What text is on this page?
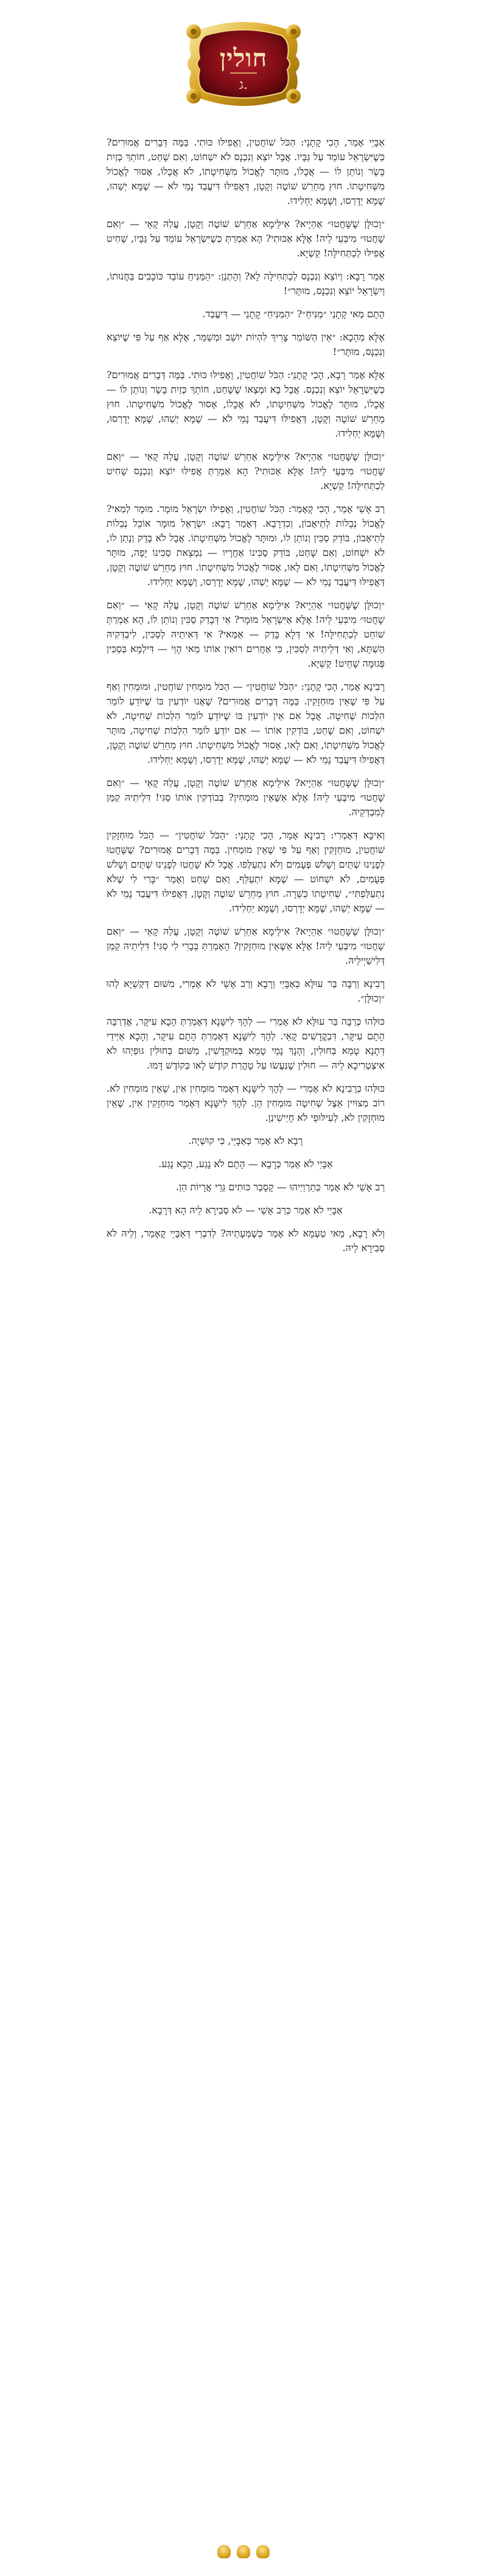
חולין
ג.

אַבָּיֵי אָמַר, הָכִי קָתָנֵי: הַכֹּל שׁוֹחֲטִין, וַאֲפִילּוּ כּוּתִי. בַּמֶּה דְּבָרִים אֲמוּרִים? כְּשֶׁיִּשְׂרָאֵל עוֹמֵד עַל גַּבָּיו. אֲבָל יוֹצֵא וְנִכְנָס לֹא יִשְׁחוֹט, וְאִם שָׁחַט, חוֹתֵךְ כְּזַיִת בָּשָׂר וְנוֹתֵן לוֹ — אֲכָלוֹ, מוּתָּר לֶאֱכוֹל מִשְּׁחִיטָתוֹ, לֹא אֲכָלוֹ, אָסוּר לֶאֱכוֹל מִשְּׁחִיטָתוֹ. חוּץ מֵחֵרֵשׁ שׁוֹטֶה וְקָטָן, דַּאֲפִילּוּ דִּיעֲבַד נָמֵי לֹא — שֶׁמָּא יְשַׁהוּ, שֶׁמָּא יְדָרְסוּ, וְשֶׁמָּא יַחְלִידוּ.

״וְכוּלָּן שֶׁשָּׁחֲטוּ״ אַהֵיָיא? אִילֵּימָא אַחֵרֵשׁ שׁוֹטֶה וְקָטָן, עֲלַהּ קָאֵי — ״וְאִם שָׁחֲטוּ״ מִיבְּעֵי לֵיהּ! אֶלָּא אַכּוּתִי? הָא אַמְרַתְּ כְּשֶׁיִּשְׂרָאֵל עוֹמֵד עַל גַּבָּיו, שָׁחִיט אֲפִילּוּ לְכַתְּחִילָּה! קַשְׁיָא.

אָמַר רָבָא: וְיוֹצֵא וְנִכְנָס לְכַתְּחִילָּה לָא? וְהָתְנַן: ״הַמַּנִּיחַ עוֹבֵד כּוֹכָבִים בַּחֲנוּתוֹ, וְיִשְׂרָאֵל יוֹצֵא וְנִכְנָס, מוּתָּר״!

הָתָם מַאי קָתָנֵי ״מַנִּיחַ״? ״הַמַּנִּיחַ״ קָתָנֵי — דִּיעֲבַד.

אֶלָּא מֵהָכָא: ״אֵין הַשּׁוֹמֵר צָרִיךְ לִהְיוֹת יוֹשֵׁב וּמְשַׁמֵּר, אֶלָּא אַף עַל פִּי שֶׁיּוֹצֵא וְנִכְנָס, מוּתָּר״!

אֶלָּא אָמַר רָבָא, הָכִי קָתָנֵי: הַכֹּל שׁוֹחֲטִין, וַאֲפִילּוּ כּוּתִי. בַּמֶּה דְּבָרִים אֲמוּרִים? כְּשֶׁיִּשְׂרָאֵל יוֹצֵא וְנִכְנָס. אֲבָל בָּא וּמְצָאוֹ שֶׁשָּׁחַט, חוֹתֵךְ כְּזַיִת בָּשָׂר וְנוֹתֵן לוֹ — אֲכָלוֹ, מוּתָּר לֶאֱכוֹל מִשְּׁחִיטָתוֹ, לֹא אֲכָלוֹ, אָסוּר לֶאֱכוֹל מִשְּׁחִיטָתוֹ. חוּץ מֵחֵרֵשׁ שׁוֹטֶה וְקָטָן, דַּאֲפִילּוּ דִּיעֲבַד נָמֵי לֹא — שֶׁמָּא יְשַׁהוּ, שֶׁמָּא יְדָרְסוּ, וְשֶׁמָּא יַחְלִידוּ.

״וְכוּלָּן שֶׁשָּׁחֲטוּ״ אַהֵיָיא? אִילֵּימָא אַחֵרֵשׁ שׁוֹטֶה וְקָטָן, עֲלַהּ קָאֵי — ״וְאִם שָׁחֲטוּ״ מִיבְּעֵי לֵיהּ! אֶלָּא אַכּוּתִי? הָא אַמְרַתְּ אֲפִילּוּ יוֹצֵא וְנִכְנָס שָׁחִיט לְכַתְּחִילָּה! קַשְׁיָא.

רַב אָשֵׁי אָמַר, הָכִי קָאָמַר: הַכֹּל שׁוֹחֲטִין, וַאֲפִילּוּ יִשְׂרָאֵל מוּמָר. מוּמָר לְמַאי? לֶאֱכוֹל נְבֵלוֹת לְתֵיאָבוֹן, וְכִדְרָבָא. דְּאָמַר רָבָא: יִשְׂרָאֵל מוּמָר אוֹכֵל נְבֵלוֹת לְתֵיאָבוֹן, בּוֹדֵק סַכִּין וְנוֹתֵן לוֹ, וּמוּתָּר לֶאֱכוֹל מִשְּׁחִיטָתוֹ. אֲבָל לֹא בָּדַק וְנָתַן לוֹ, לֹא יִשְׁחוֹט, וְאִם שָׁחַט, בּוֹדֵק סַכִּינוֹ אַחֲרָיו — נִמְצֵאת סַכִּינוֹ יָפָה, מוּתָּר לֶאֱכוֹל מִשְּׁחִיטָתוֹ, וְאִם לָאו, אָסוּר לֶאֱכוֹל מִשְּׁחִיטָתוֹ. חוּץ מֵחֵרֵשׁ שׁוֹטֶה וְקָטָן, דַּאֲפִילּוּ דִּיעֲבַד נָמֵי לֹא — שֶׁמָּא יְשַׁהוּ, שֶׁמָּא יְדָרְסוּ, וְשֶׁמָּא יַחְלִידוּ.

״וְכוּלָּן שֶׁשָּׁחֲטוּ״ אַהֵיָיא? אִילֵּימָא אַחֵרֵשׁ שׁוֹטֶה וְקָטָן, עֲלַהּ קָאֵי — ״וְאִם שָׁחֲטוּ״ מִיבְּעֵי לֵיהּ! אֶלָּא אַיִּשְׂרָאֵל מוּמָר? אִי דְּבָדַק סַכִּין וְנוֹתֵן לוֹ, הָא אַמְרַתְּ שׁוֹחֵט לְכַתְּחִילָּה! אִי דְּלָא בָּדַק — אַמַּאי? אִי דְּאִיתֵיהּ לְסַכִּין, לִיבְדְּקִיהּ הַשְׁתָּא, וְאִי דְּלֵיתֵיהּ לְסַכִּין, כִּי אַחֲרִים רוֹאִין אוֹתוֹ מַאי הָוֵי — דִּילְמָא בְּסַכִּין פְּגוּמָה שָׁחֵיט! קַשְׁיָא.

רָבִינָא אָמַר, הָכִי קָתָנֵי: ״הַכֹּל שׁוֹחֲטִין״ — הַכֹּל מוּמְחִין שׁוֹחֲטִין, וּמוּמְחִין וְאַף עַל פִּי שֶׁאֵין מוּחְזָקִין. בַּמֶּה דְּבָרִים אֲמוּרִים? שֶׁאָנוּ יוֹדְעִין בּוֹ שֶׁיּוֹדֵעַ לוֹמַר הִלְכוֹת שְׁחִיטָה. אֲבָל אִם אֵין יוֹדְעִין בּוֹ שֶׁיּוֹדֵעַ לוֹמַר הִלְכוֹת שְׁחִיטָה, לֹא יִשְׁחוֹט, וְאִם שָׁחַט, בּוֹדְקִין אוֹתוֹ — אִם יוֹדֵעַ לוֹמַר הִלְכוֹת שְׁחִיטָה, מוּתָּר לֶאֱכוֹל מִשְּׁחִיטָתוֹ, וְאִם לָאו, אָסוּר לֶאֱכוֹל מִשְּׁחִיטָתוֹ. חוּץ מֵחֵרֵשׁ שׁוֹטֶה וְקָטָן, דַּאֲפִילּוּ דִּיעֲבַד נָמֵי לֹא — שֶׁמָּא יְשַׁהוּ, שֶׁמָּא יְדָרְסוּ, וְשֶׁמָּא יַחְלִידוּ.

״וְכוּלָּן שֶׁשָּׁחֲטוּ״ אַהֵיָיא? אִילֵּימָא אַחֵרֵשׁ שׁוֹטֶה וְקָטָן, עֲלַהּ קָאֵי — ״וְאִם שָׁחֲטוּ״ מִיבְּעֵי לֵיהּ! אֶלָּא אַשֶּׁאֵין מוּמְחִין? בְּבוֹדְקִין אוֹתוֹ סַגִּי! דִּלְיתֵיהּ קַמַּן לְמִבְדְּקֵיהּ.

וְאִיכָּא דְּאָמְרִי: רָבִינָא אָמַר, הָכִי קָתָנֵי: ״הַכֹּל שׁוֹחֲטִין״ — הַכֹּל מוּחְזָקִין שׁוֹחֲטִין, מוּחְזָקִין וְאַף עַל פִּי שֶׁאֵין מוּמְחִין. בַּמֶּה דְּבָרִים אֲמוּרִים? שֶׁשָּׁחֲטוּ לְפָנֵינוּ שְׁתַּיִם וְשָׁלֹשׁ פְּעָמִים וְלֹא נִתְעַלְּפוּ. אֲבָל לֹא שָׁחֲטוּ לְפָנֵינוּ שְׁתַּיִם וְשָׁלֹשׁ פְּעָמִים, לֹא יִשְׁחוֹט — שֶׁמָּא יִתְעַלֵּף, וְאִם שָׁחַט וְאָמַר ״בָּרִי לִי שֶׁלֹּא נִתְעַלַּפְתִּי״, שְׁחִיטָתוֹ כְּשֵׁרָה. חוּץ מֵחֵרֵשׁ שׁוֹטֶה וְקָטָן, דַּאֲפִילּוּ דִּיעֲבַד נָמֵי לֹא — שֶׁמָּא יְשַׁהוּ, שֶׁמָּא יְדָרְסוּ, וְשֶׁמָּא יַחְלִידוּ.

״וְכוּלָּן שֶׁשָּׁחֲטוּ״ אַהֵיָיא? אִילֵּימָא אַחֵרֵשׁ שׁוֹטֶה וְקָטָן, עֲלַהּ קָאֵי — ״וְאִם שָׁחֲטוּ״ מִיבְּעֵי לֵיהּ! אֶלָּא אַשֶּׁאֵין מוּחְזָקִין? הָאָמְרַתְּ בְּבָרִי לִי סַגִּי! דִּלְיתֵיהּ קַמַּן דְּלִישַׁיְילֵיהּ.

רָבִינָא וְרַבָּה בַּר עוּלָּא כְּאַבָּיֵי וְרָבָא וְרַב אָשֵׁי לֹא אָמְרִי, מִשּׁוּם דְּקַשְׁיָא לְהוּ ״וְכוּלָּן״.

כּוּלְּהוּ כְּרַבָּה בַּר עוּלָּא לֹא אָמְרִי — לְהָךְ לִישָּׁנָא דְּאָמְרַתְּ הָכָא עִיקָּר, אֲדְרַבָּה הָתָם עִיקָּר, דִּבְקֳדָשִׁים קָאֵי. לְהָךְ לִישָּׁנָא דְּאָמְרַתְּ הָתָם עִיקָּר, וְהָכָא אַיְּידֵי דְּתָנָא טָמֵא בְּחוּלִין, וְהָנָךְ נָמֵי טָמֵא בְּמוּקְדָּשִׁין, מִשּׁוּם בְּחוּלִין גּוּפַיְהוּ לֹא אִיצְטְרִיכָא לֵיהּ — חוּלִין שֶׁנַּעֲשׂוּ עַל טָהֳרַת קוֹדֶשׁ לָאו כְּקוֹדֶשׁ דָּמוּ.

כּוּלְּהוּ כְּרָבִינָא לֹא אָמְרִי — לְהָךְ לִישָּׁנָא דְּאָמַר מוּמְחִין אִין, שֶׁאֵין מוּמְחִין לֹא. רוֹב מְצוּיִין אֵצֶל שְׁחִיטָה מוּמְחִין הֵן. לְהָךְ לִישָּׁנָא דְּאָמַר מוּחְזָקִין אִין, שֶׁאֵין מוּחְזָקִין לֹא, לְעִילּוּפֵי לֹא חָיְישִׁינַן.

רָבָא לֹא אָמַר כְּאַבָּיֵי, כִּי קוּשְׁיָה.

אַבָּיֵי לֹא אָמַר כְּרָבָא — הָתָם לֹא נָגַע, הָכָא נָגַע.

רַב אָשֵׁי לֹא אָמַר כְּתַרְוַיְיהוּ — קָסָבַר כּוּתִים גֵּרֵי אֲרָיוֹת הֵן.

אַבָּיֵי לֹא אָמַר כְּרַב אָשֵׁי — לֹא סְבִירָא לֵיהּ הָא דְּרָבָא.

וְלֹא רָבָא, מַאי טַעְמָא לֹא אָמַר כְּשֶׁמְּעָתֵיהּ? לְדִבְרֵי דְּאַבָּיֵי קָאָמַר, וְלֵיהּ לֹא סְבִירָא לֵיהּ.
